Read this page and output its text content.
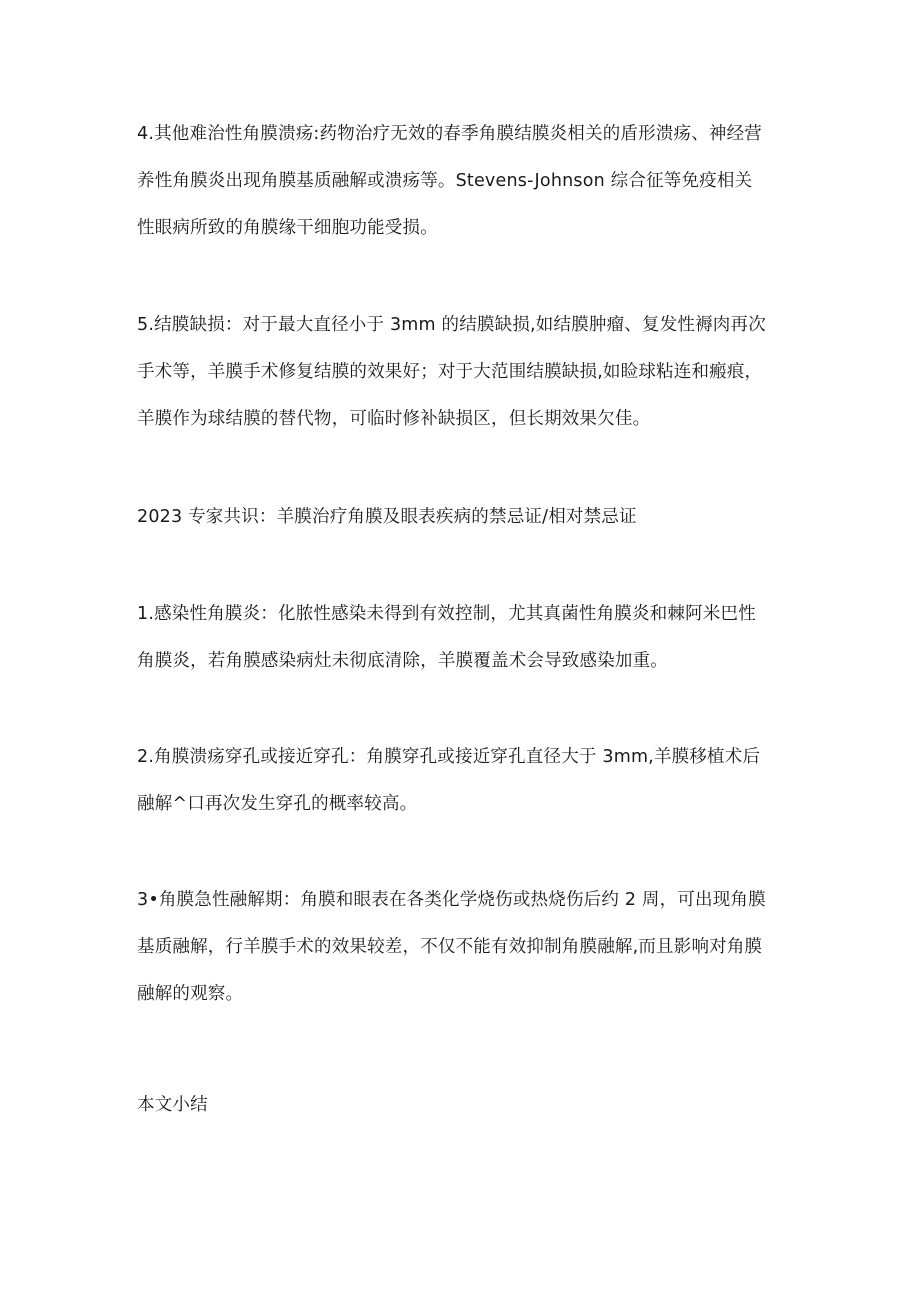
4.其他难治性角膜溃疡:药物治疗无效的春季角膜结膜炎相关的盾形溃疡、神经营
养性角膜炎出现角膜基质融解或溃疡等。Stevens-Johnson 综合征等免疫相关
性眼病所致的角膜缘干细胞功能受损。

5.结膜缺损：对于最大直径小于 3mm 的结膜缺损,如结膜肿瘤、复发性褥肉再次
手术等，羊膜手术修复结膜的效果好；对于大范围结膜缺损,如睑球粘连和瘢痕，
羊膜作为球结膜的替代物，可临时修补缺损区，但长期效果欠佳。

2023 专家共识：羊膜治疗角膜及眼表疾病的禁忌证/相对禁忌证

1.感染性角膜炎：化脓性感染未得到有效控制，尤其真菌性角膜炎和棘阿米巴性
角膜炎，若角膜感染病灶未彻底清除，羊膜覆盖术会导致感染加重。

2.角膜溃疡穿孔或接近穿孔：角膜穿孔或接近穿孔直径大于 3mm,羊膜移植术后
融解^口再次发生穿孔的概率较高。

3•角膜急性融解期：角膜和眼表在各类化学烧伤或热烧伤后约 2 周，可出现角膜
基质融解，行羊膜手术的效果较差，不仅不能有效抑制角膜融解,而且影响对角膜
融解的观察。

本文小结
